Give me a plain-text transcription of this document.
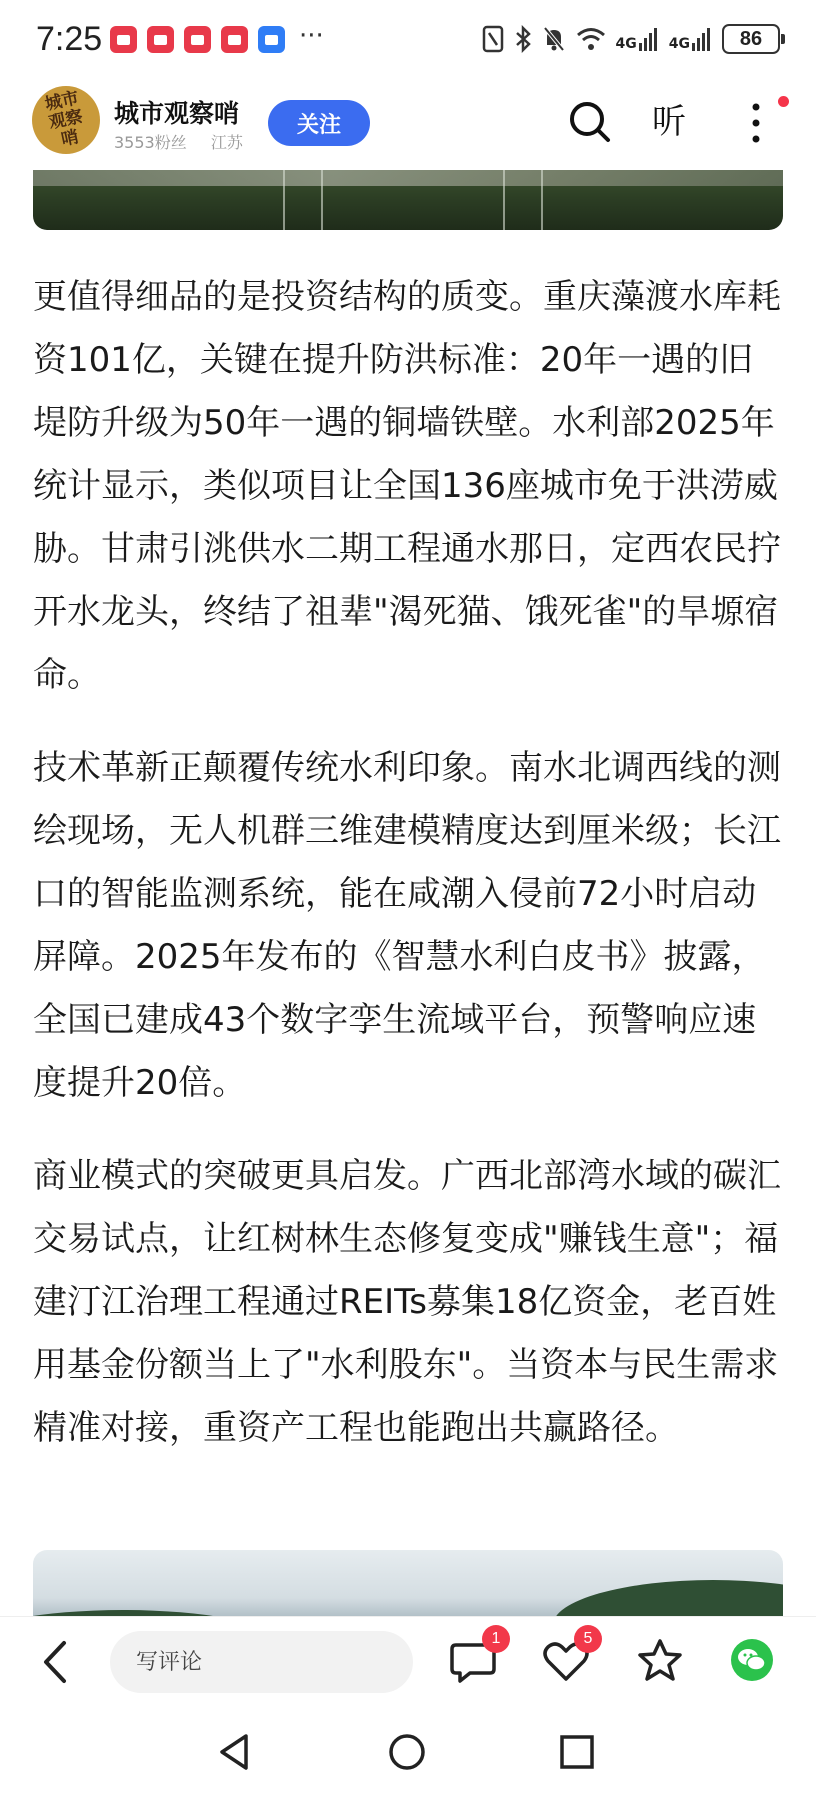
7:25	···	4G 4G	86
城市观察哨
城市观察哨
3553粉丝 江苏
关注	听

更值得细品的是投资结构的质变。重庆藻渡水库耗资101亿，关键在提升防洪标准：20年一遇的旧堤防升级为50年一遇的铜墙铁壁。水利部2025年统计显示，类似项目让全国136座城市免于洪涝威胁。甘肃引洮供水二期工程通水那日，定西农民拧开水龙头，终结了祖辈"渴死猫、饿死雀"的旱塬宿命。

技术革新正颠覆传统水利印象。南水北调西线的测绘现场，无人机群三维建模精度达到厘米级；长江口的智能监测系统，能在咸潮入侵前72小时启动屏障。2025年发布的《智慧水利白皮书》披露，全国已建成43个数字孪生流域平台，预警响应速度提升20倍。

商业模式的突破更具启发。广西北部湾水域的碳汇交易试点，让红树林生态修复变成"赚钱生意"；福建汀江治理工程通过REITs募集18亿资金，老百姓用基金份额当上了"水利股东"。当资本与民生需求精准对接，重资产工程也能跑出共赢路径。

写评论
1	5
